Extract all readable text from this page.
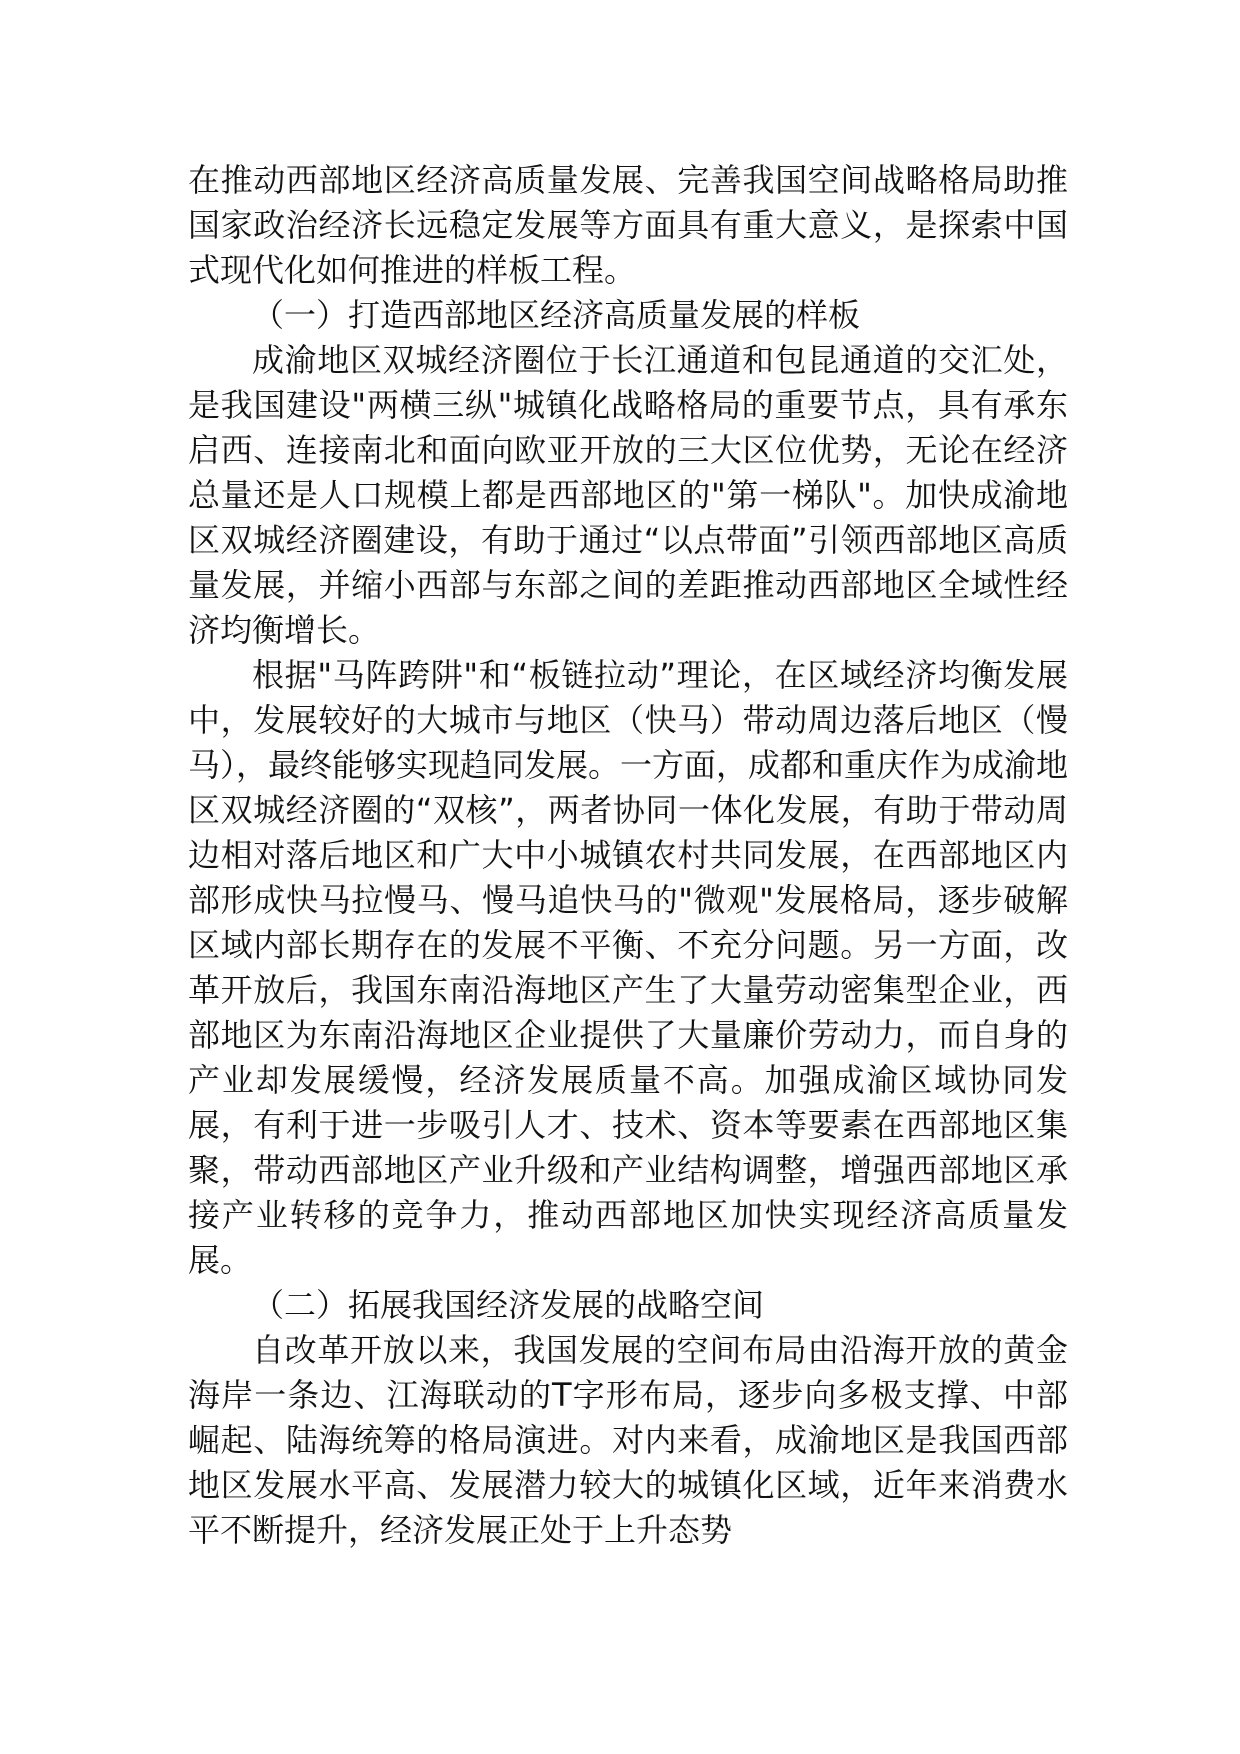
在推动西部地区经济高质量发展、完善我国空间战略格局助推国家政治经济长远稳定发展等方面具有重大意义，是探索中国式现代化如何推进的样板工程。

（一）打造西部地区经济高质量发展的样板

成渝地区双城经济圈位于长江通道和包昆通道的交汇处，是我国建设"两横三纵"城镇化战略格局的重要节点，具有承东启西、连接南北和面向欧亚开放的三大区位优势，无论在经济总量还是人口规模上都是西部地区的"第一梯队"。加快成渝地区双城经济圈建设，有助于通过“以点带面”引领西部地区高质量发展，并缩小西部与东部之间的差距推动西部地区全域性经济均衡增长。

根据"马阵跨阱"和“板链拉动”理论，在区域经济均衡发展中，发展较好的大城市与地区（快马）带动周边落后地区（慢马），最终能够实现趋同发展。一方面，成都和重庆作为成渝地区双城经济圈的“双核”，两者协同一体化发展，有助于带动周边相对落后地区和广大中小城镇农村共同发展，在西部地区内部形成快马拉慢马、慢马追快马的"微观"发展格局，逐步破解区域内部长期存在的发展不平衡、不充分问题。另一方面，改革开放后，我国东南沿海地区产生了大量劳动密集型企业，西部地区为东南沿海地区企业提供了大量廉价劳动力，而自身的产业却发展缓慢，经济发展质量不高。加强成渝区域协同发展，有利于进一步吸引人才、技术、资本等要素在西部地区集聚，带动西部地区产业升级和产业结构调整，增强西部地区承接产业转移的竞争力，推动西部地区加快实现经济高质量发展。

（二）拓展我国经济发展的战略空间

自改革开放以来，我国发展的空间布局由沿海开放的黄金海岸一条边、江海联动的T字形布局，逐步向多极支撑、中部崛起、陆海统筹的格局演进。对内来看，成渝地区是我国西部地区发展水平高、发展潜力较大的城镇化区域，近年来消费水平不断提升，经济发展正处于上升态势
